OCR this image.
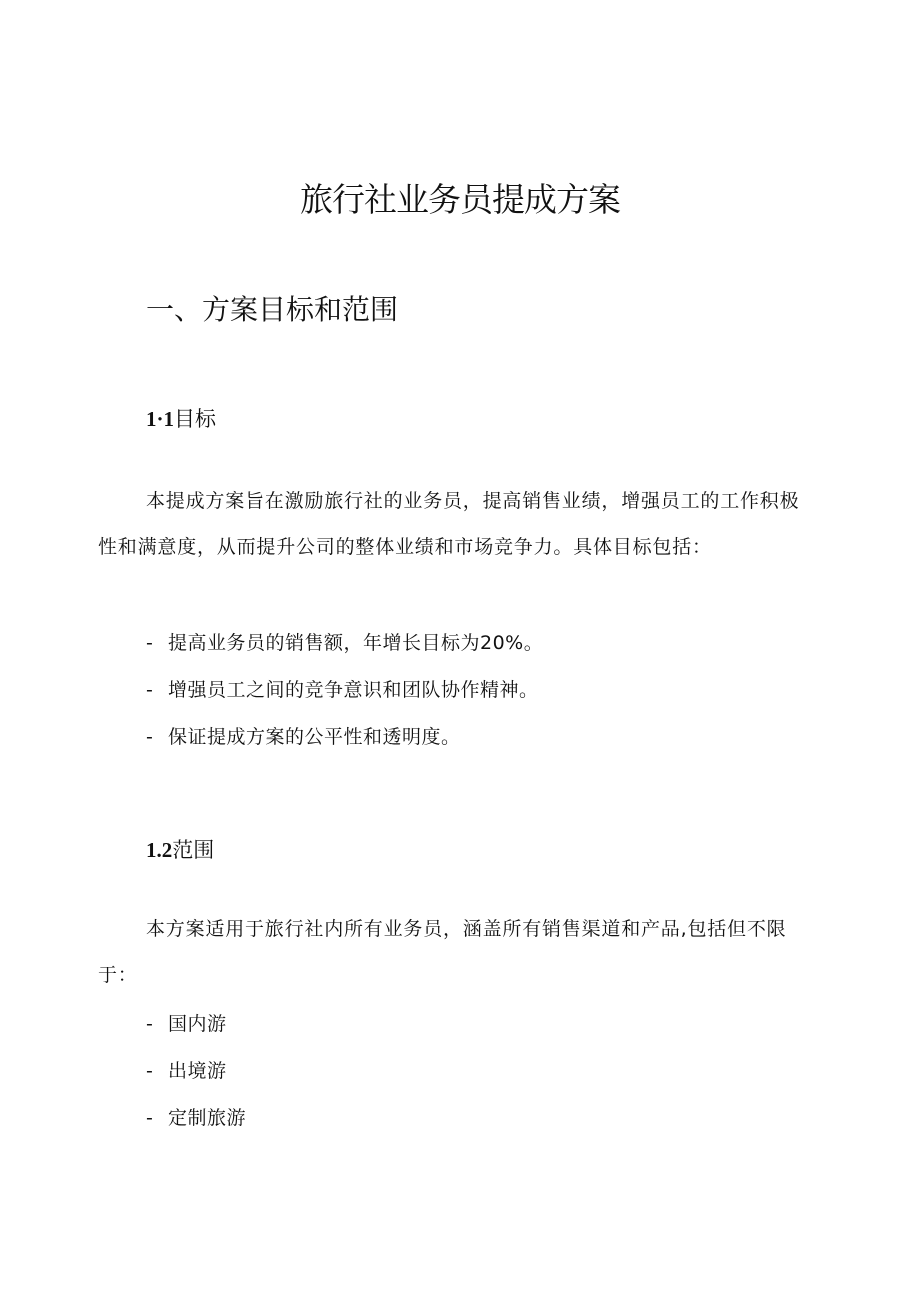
旅行社业务员提成方案
一、方案目标和范围
1·1目标
本提成方案旨在激励旅行社的业务员，提高销售业绩，增强员工的工作积极性和满意度，从而提升公司的整体业绩和市场竞争力。具体目标包括：
- 提高业务员的销售额，年增长目标为20%。
- 增强员工之间的竞争意识和团队协作精神。
- 保证提成方案的公平性和透明度。
1.2范围
本方案适用于旅行社内所有业务员，涵盖所有销售渠道和产品,包括但不限于：
- 国内游
- 出境游
- 定制旅游
